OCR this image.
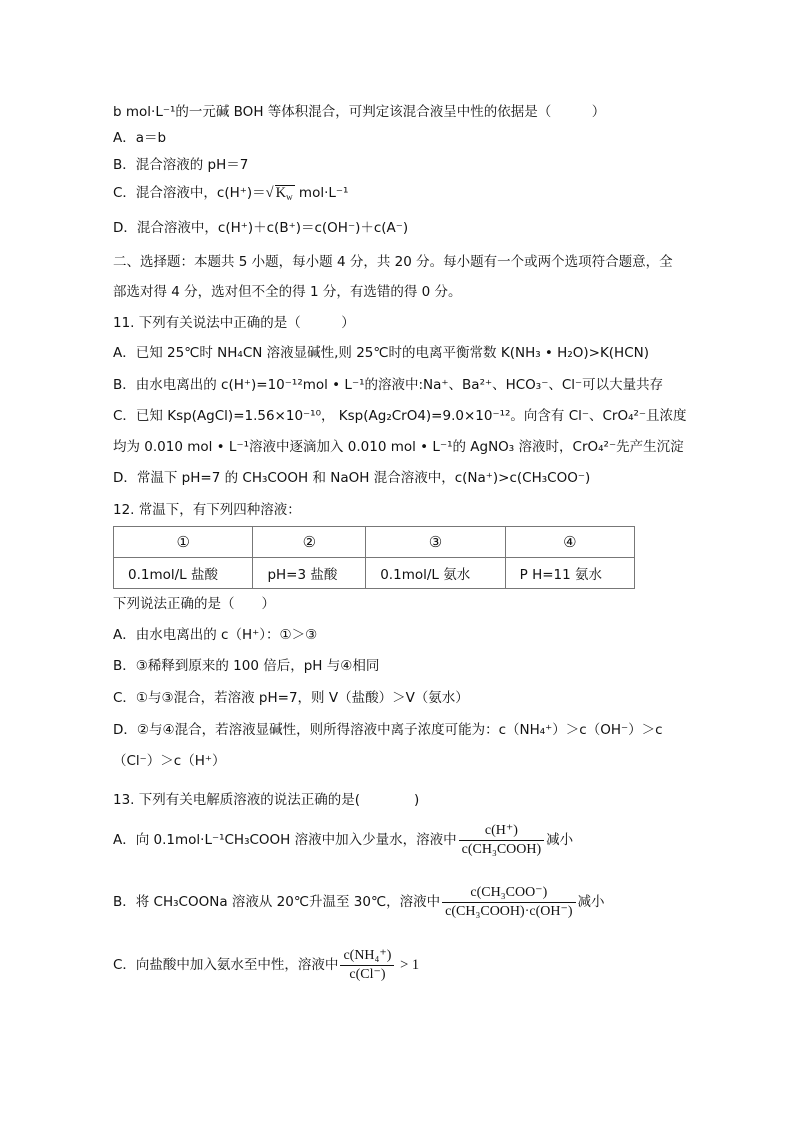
b mol·L⁻¹的一元碱 BOH 等体积混合，可判定该混合液呈中性的依据是（　　　）
A．a＝b
B．混合溶液的 pH＝7
C．混合溶液中，c(H⁺)＝√ $K_w$ mol·L⁻¹
D．混合溶液中，c(H⁺)＋c(B⁺)＝c(OH⁻)＋c(A⁻)
二、选择题：本题共 5 小题，每小题 4 分，共 20 分。每小题有一个或两个选项符合题意，全
部选对得 4 分，选对但不全的得 1 分，有选错的得 0 分。
11. 下列有关说法中正确的是（　　　）
A．已知 25℃时 NH₄CN 溶液显碱性,则 25℃时的电离平衡常数 K(NH₃ • H₂O)>K(HCN)
B．由水电离出的 c(H⁺)=10⁻¹²mol • L⁻¹的溶液中:Na⁺、Ba²⁺、HCO₃⁻、Cl⁻可以大量共存
C．已知 Ksp(AgCl)=1.56×10⁻¹⁰， Ksp(Ag₂CrO4)=9.0×10⁻¹²。向含有 Cl⁻、CrO₄²⁻且浓度
均为 0.010 mol • L⁻¹溶液中逐滴加入 0.010 mol • L⁻¹的 AgNO₃ 溶液时，CrO₄²⁻先产生沉淀
D．常温下 pH=7 的 CH₃COOH 和 NaOH 混合溶液中，c(Na⁺)>c(CH₃COO⁻)
12. 常温下，有下列四种溶液：
①	②	③	④
0.1mol/L 盐酸	pH=3 盐酸	0.1mol/L 氨水	P H=11 氨水
下列说法正确的是（　　）
A．由水电离出的 c（H⁺）：①＞③
B．③稀释到原来的 100 倍后，pH 与④相同
C．①与③混合，若溶液 pH=7，则 V（盐酸）＞V（氨水）
D．②与④混合，若溶液显碱性，则所得溶液中离子浓度可能为：c（NH₄⁺）＞c（OH⁻）＞c
（Cl⁻）＞c（H⁺）
13. 下列有关电解质溶液的说法正确的是(　　　　)
A．向 0.1mol·L⁻¹CH₃COOH 溶液中加入少量水，溶液中 $\frac{c(H^+)}{\text{c(CH₃COOH)}}$ 减小
B．将 CH₃COONa 溶液从 20℃升温至 30℃，溶液中 $\frac{\text{c(CH₃COO⁻)}}{\text{c(CH₃COOH)·c(OH⁻)}}$ 减小
C．向盐酸中加入氨水至中性，溶液中 $\frac{\text{c(NH₄⁺)}}{c(Cl^-)} > 1$
